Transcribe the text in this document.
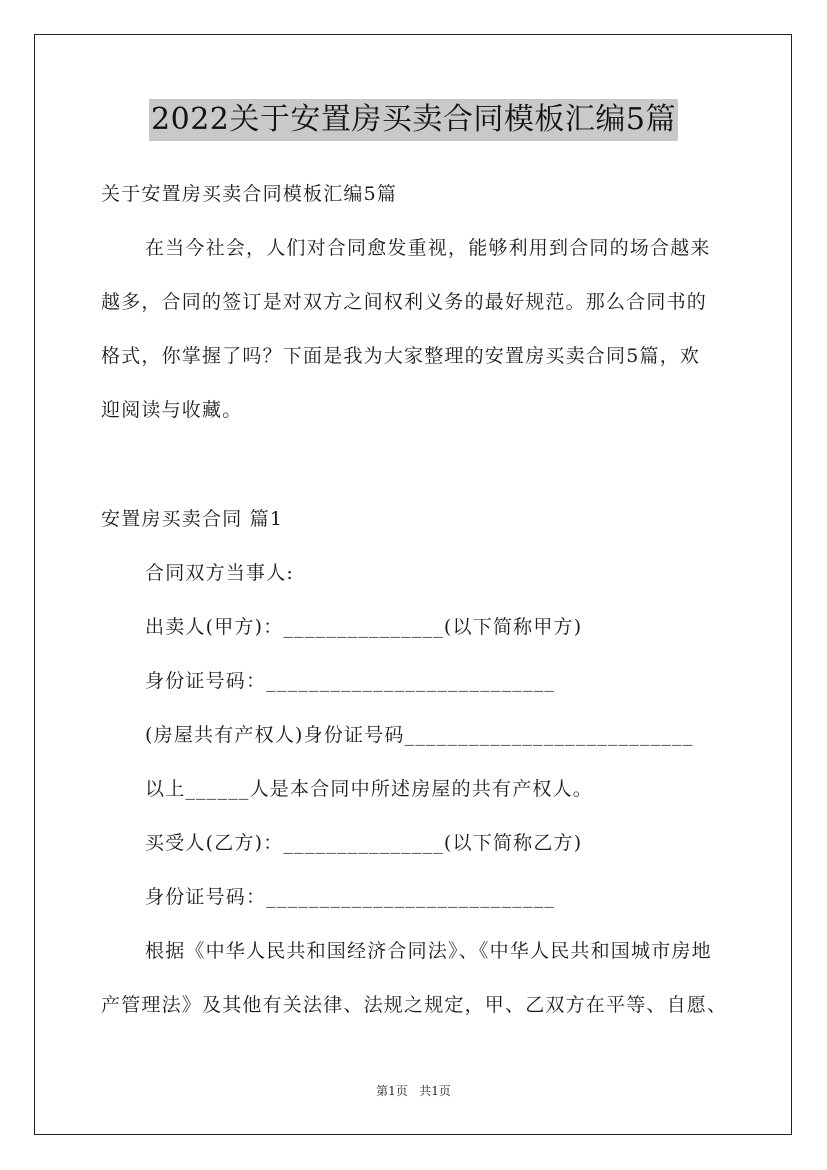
2022关于安置房买卖合同模板汇编5篇
关于安置房买卖合同模板汇编5篇
在当今社会，人们对合同愈发重视，能够利用到合同的场合越来
越多，合同的签订是对双方之间权利义务的最好规范。那么合同书的
格式，你掌握了吗？下面是我为大家整理的安置房买卖合同5篇，欢
迎阅读与收藏。
安置房买卖合同 篇1
合同双方当事人:
出卖人(甲方)：_______________(以下简称甲方)
身份证号码：___________________________
(房屋共有产权人)身份证号码___________________________
以上______人是本合同中所述房屋的共有产权人。
买受人(乙方)：_______________(以下简称乙方)
身份证号码：___________________________
根据《中华人民共和国经济合同法》、《中华人民共和国城市房地
产管理法》及其他有关法律、法规之规定，甲、乙双方在平等、自愿、
第1页 共1页
